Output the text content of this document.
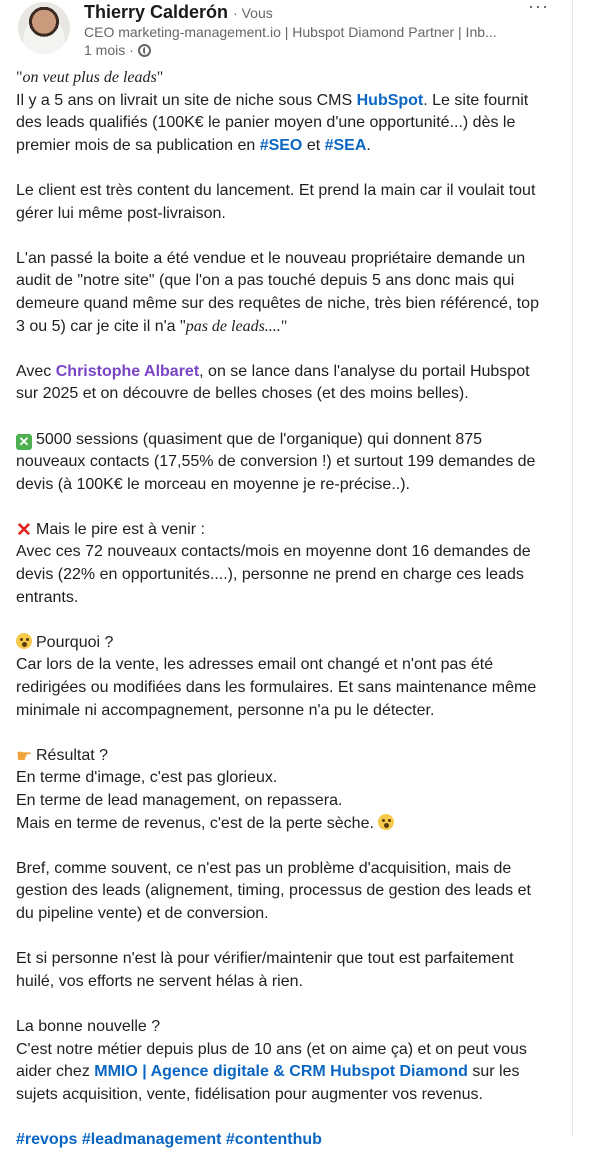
Thierry Calderón · Vous
CEO marketing-management.io | Hubspot Diamond Partner | Inb...
1 mois ·
···
"on veut plus de leads"
Il y a 5 ans on livrait un site de niche sous CMS HubSpot. Le site fournit
des leads qualifiés (100K€ le panier moyen d'une opportunité...) dès le
premier mois de sa publication en #SEO et #SEA.
Le client est très content du lancement. Et prend la main car il voulait tout
gérer lui même post-livraison.
L'an passé la boite a été vendue et le nouveau propriétaire demande un
audit de "notre site" (que l'on a pas touché depuis 5 ans donc mais qui
demeure quand même sur des requêtes de niche, très bien référencé, top
3 ou 5) car je cite il n'a "pas de leads...."
Avec Christophe Albaret, on se lance dans l'analyse du portail Hubspot
sur 2025 et on découvre de belles choses (et des moins belles).
✕ 5000 sessions (quasiment que de l'organique) qui donnent 875
nouveaux contacts (17,55% de conversion !) et surtout 199 demandes de
devis (à 100K€ le morceau en moyenne je re-précise..).
✕ Mais le pire est à venir :
Avec ces 72 nouveaux contacts/mois en moyenne dont 16 demandes de
devis (22% en opportunités....), personne ne prend en charge ces leads
entrants.
Pourquoi ?
Car lors de la vente, les adresses email ont changé et n'ont pas été
redirigées ou modifiées dans les formulaires. Et sans maintenance même
minimale ni accompagnement, personne n'a pu le détecter.
☛ Résultat ?
En terme d'image, c'est pas glorieux.
En terme de lead management, on repassera.
Mais en terme de revenus, c'est de la perte sèche.
Bref, comme souvent, ce n'est pas un problème d'acquisition, mais de
gestion des leads (alignement, timing, processus de gestion des leads et
du pipeline vente) et de conversion.
Et si personne n'est là pour vérifier/maintenir que tout est parfaitement
huilé, vos efforts ne servent hélas à rien.
La bonne nouvelle ?
C'est notre métier depuis plus de 10 ans (et on aime ça) et on peut vous
aider chez MMIO | Agence digitale & CRM Hubspot Diamond sur les
sujets acquisition, vente, fidélisation pour augmenter vos revenus.
#revops #leadmanagement #contenthub
